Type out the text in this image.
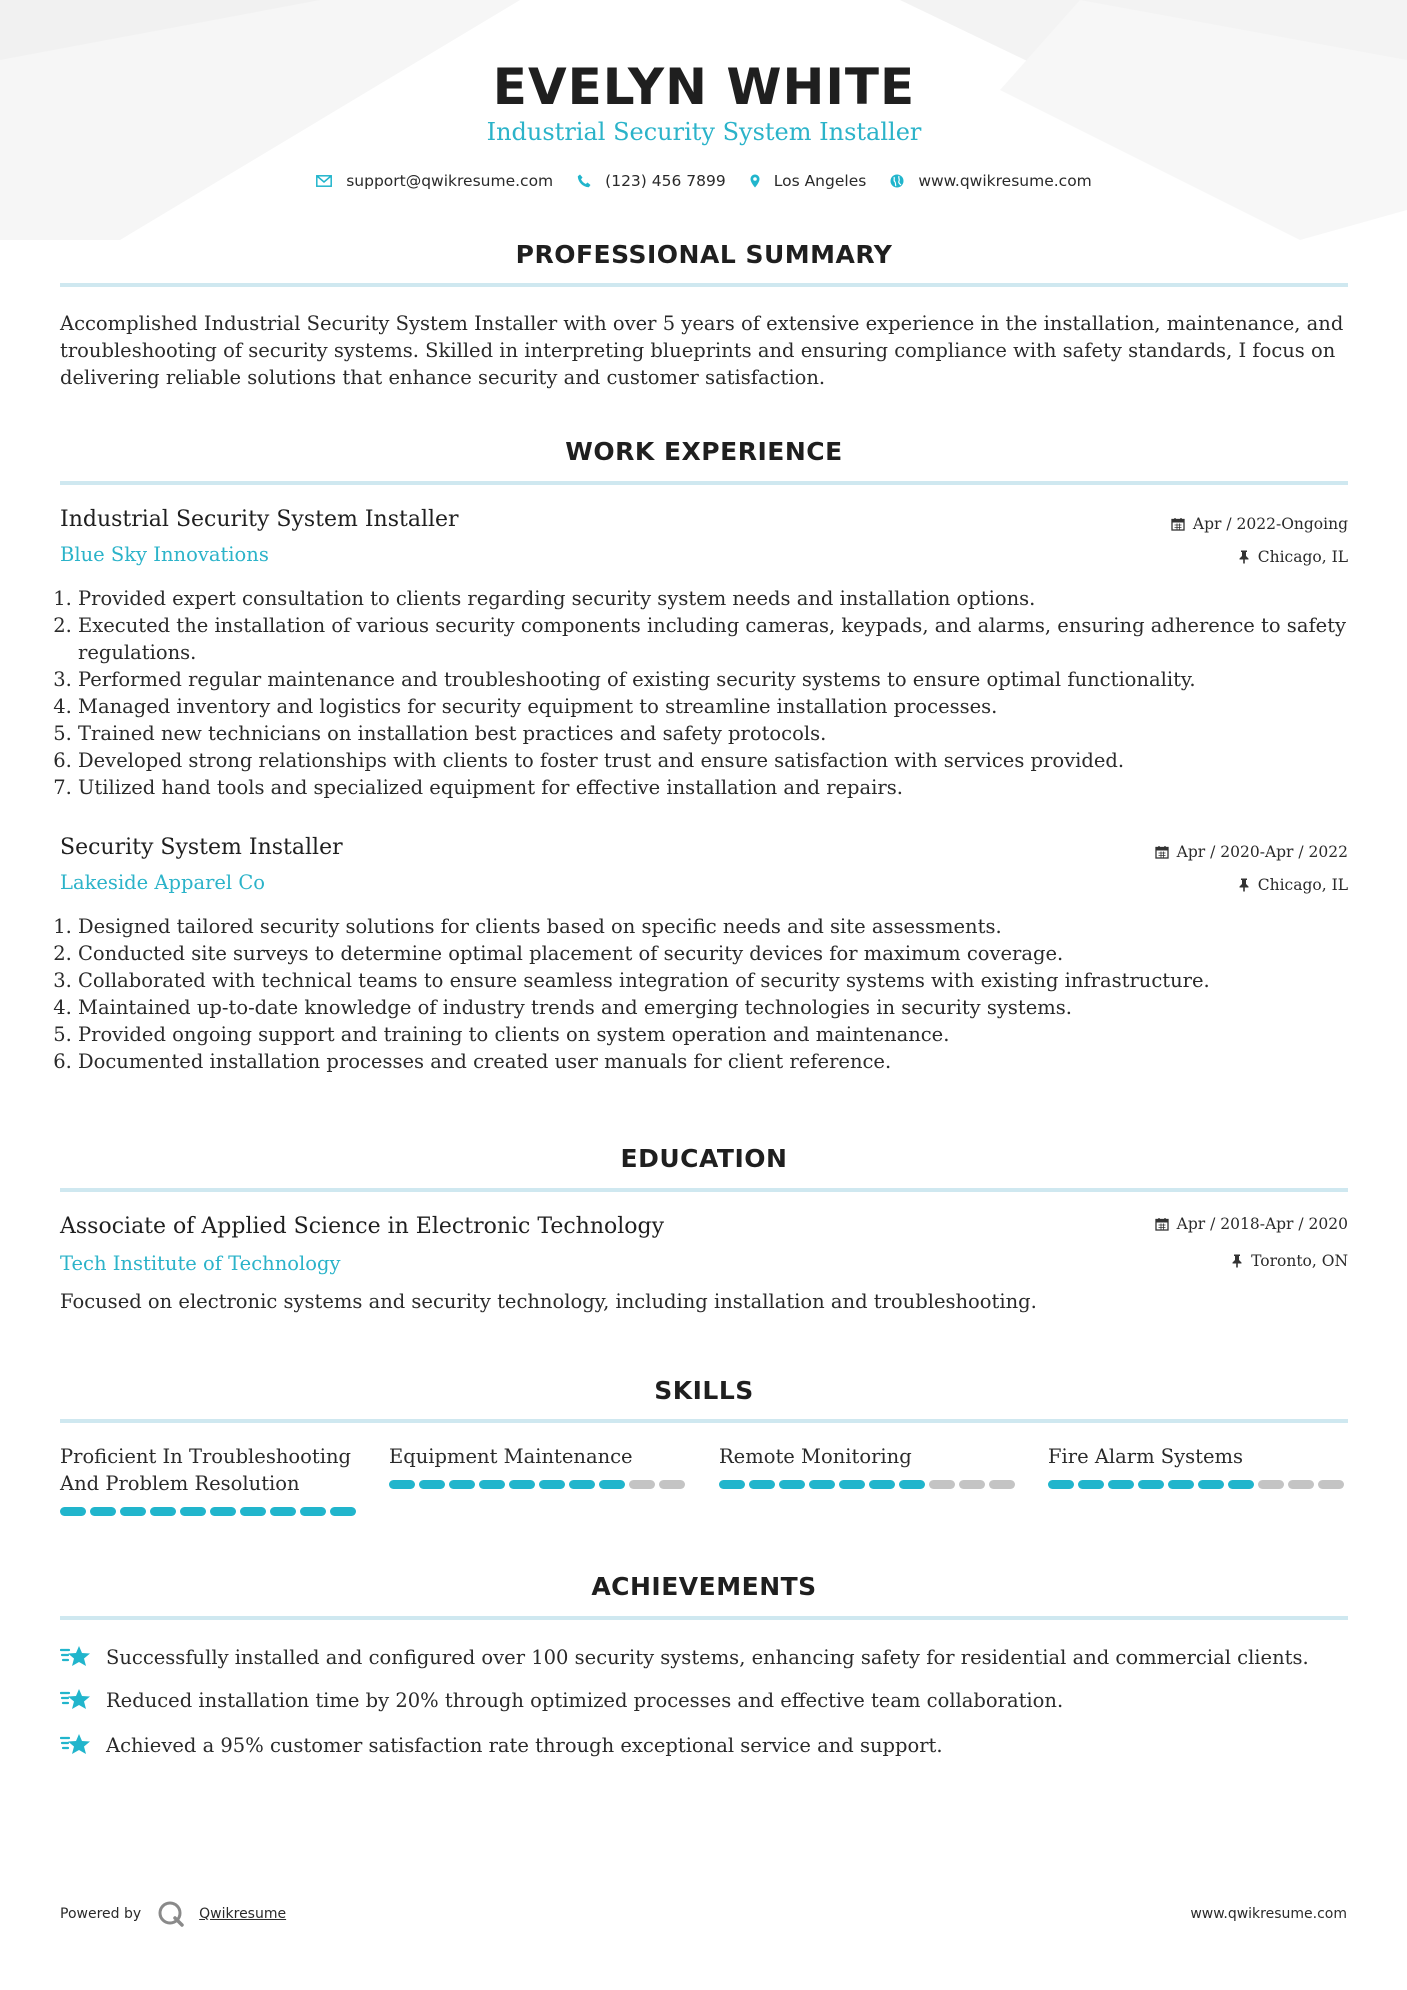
EVELYN WHITE
Industrial Security System Installer
support@qwikresume.com	(123) 456 7899	Los Angeles	www.qwikresume.com
PROFESSIONAL SUMMARY
Accomplished Industrial Security System Installer with over 5 years of extensive experience in the installation, maintenance, and troubleshooting of security systems. Skilled in interpreting blueprints and ensuring compliance with safety standards, I focus on delivering reliable solutions that enhance security and customer satisfaction.
WORK EXPERIENCE
Industrial Security System Installer	Apr / 2022-Ongoing
Blue Sky Innovations	Chicago, IL
1. Provided expert consultation to clients regarding security system needs and installation options.
2. Executed the installation of various security components including cameras, keypads, and alarms, ensuring adherence to safety regulations.
3. Performed regular maintenance and troubleshooting of existing security systems to ensure optimal functionality.
4. Managed inventory and logistics for security equipment to streamline installation processes.
5. Trained new technicians on installation best practices and safety protocols.
6. Developed strong relationships with clients to foster trust and ensure satisfaction with services provided.
7. Utilized hand tools and specialized equipment for effective installation and repairs.
Security System Installer	Apr / 2020-Apr / 2022
Lakeside Apparel Co	Chicago, IL
1. Designed tailored security solutions for clients based on specific needs and site assessments.
2. Conducted site surveys to determine optimal placement of security devices for maximum coverage.
3. Collaborated with technical teams to ensure seamless integration of security systems with existing infrastructure.
4. Maintained up-to-date knowledge of industry trends and emerging technologies in security systems.
5. Provided ongoing support and training to clients on system operation and maintenance.
6. Documented installation processes and created user manuals for client reference.
EDUCATION
Associate of Applied Science in Electronic Technology	Apr / 2018-Apr / 2020
Tech Institute of Technology	Toronto, ON
Focused on electronic systems and security technology, including installation and troubleshooting.
SKILLS
Proficient In Troubleshooting And Problem Resolution
Equipment Maintenance	Remote Monitoring	Fire Alarm Systems
ACHIEVEMENTS
Successfully installed and configured over 100 security systems, enhancing safety for residential and commercial clients.
Reduced installation time by 20% through optimized processes and effective team collaboration.
Achieved a 95% customer satisfaction rate through exceptional service and support.
Powered by	Qwikresume	www.qwikresume.com
